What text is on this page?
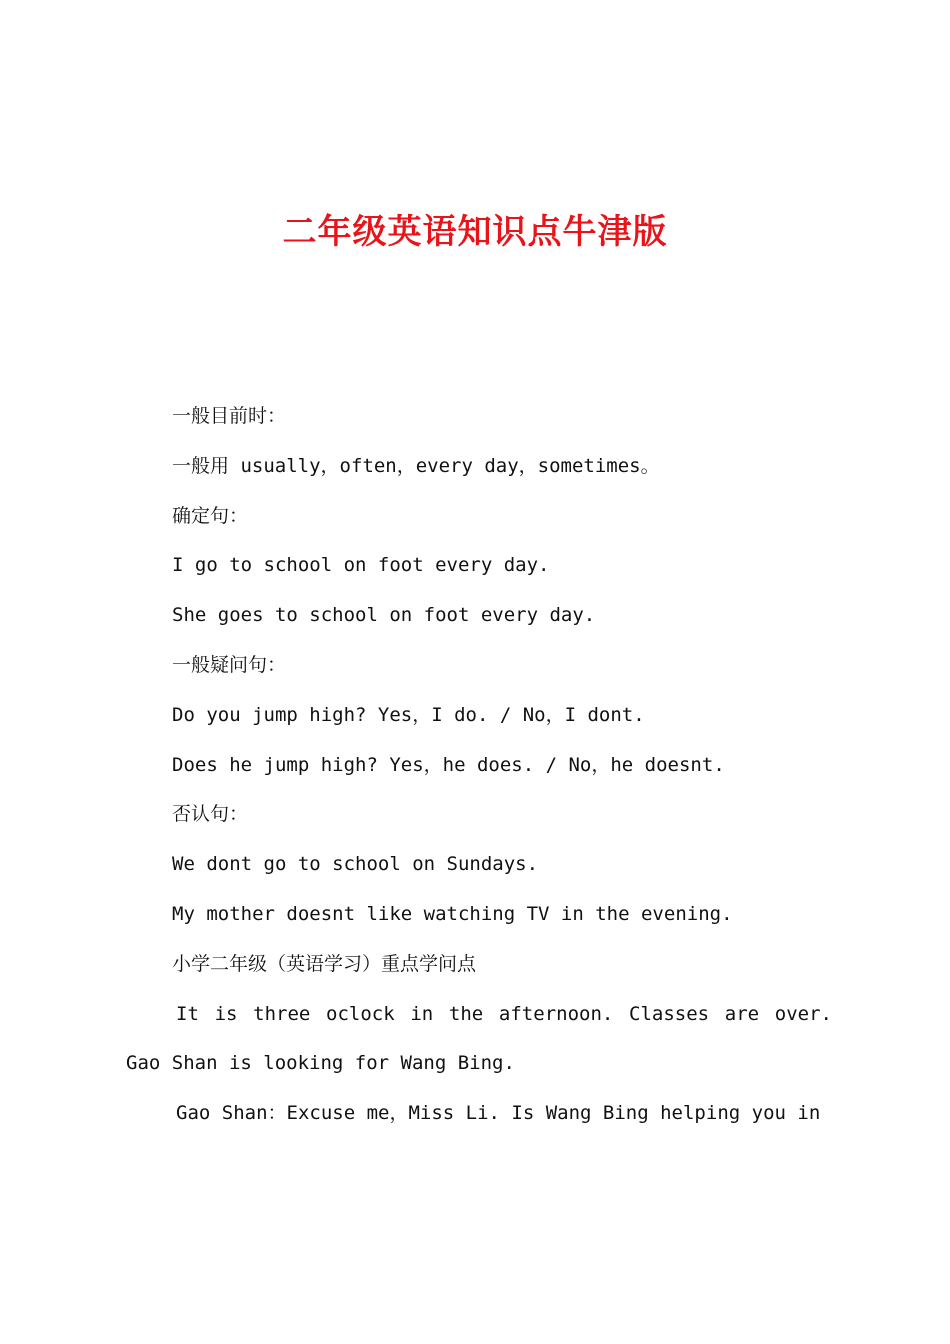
二年级英语知识点牛津版
一般目前时：
一般用 usually，often，every day，sometimes。
确定句：
I go to school on foot every day.
She goes to school on foot every day.
一般疑问句：
Do you jump high? Yes，I do. / No，I dont.
Does he jump high? Yes，he does. / No，he doesnt.
否认句：
We dont go to school on Sundays.
My mother doesnt like watching TV in the evening.
小学二年级（英语学习）重点学问点
It is three oclock in the afternoon. Classes are over. Gao Shan is looking for Wang Bing.
Gao Shan：Excuse me，Miss Li. Is Wang Bing helping you in
